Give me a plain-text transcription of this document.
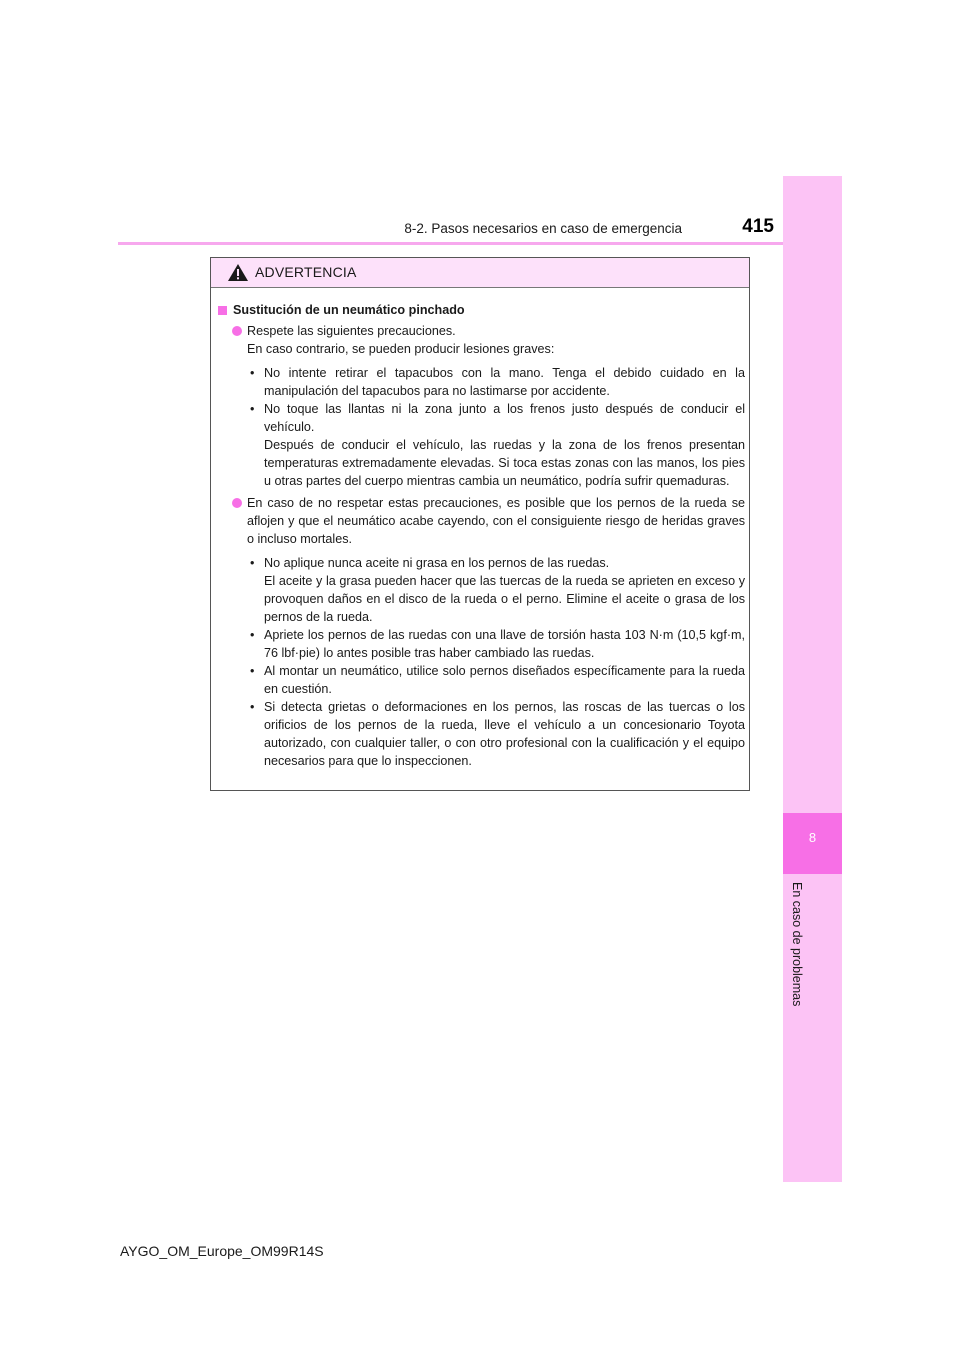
8-2. Pasos necesarios en caso de emergencia	415
8
En caso de problemas
ADVERTENCIA
Sustitución de un neumático pinchado
Respete las siguientes precauciones.
En caso contrario, se pueden producir lesiones graves:
• No intente retirar el tapacubos con la mano. Tenga el debido cuidado en la manipulación del tapacubos para no lastimarse por accidente.
• No toque las llantas ni la zona junto a los frenos justo después de conducir el vehículo.
Después de conducir el vehículo, las ruedas y la zona de los frenos presentan temperaturas extremadamente elevadas. Si toca estas zonas con las manos, los pies u otras partes del cuerpo mientras cambia un neumático, podría sufrir quemaduras.
En caso de no respetar estas precauciones, es posible que los pernos de la rueda se aflojen y que el neumático acabe cayendo, con el consiguiente riesgo de heridas graves o incluso mortales.
• No aplique nunca aceite ni grasa en los pernos de las ruedas.
El aceite y la grasa pueden hacer que las tuercas de la rueda se aprieten en exceso y provoquen daños en el disco de la rueda o el perno. Elimine el aceite o grasa de los pernos de la rueda.
• Apriete los pernos de las ruedas con una llave de torsión hasta 103 N·m (10,5 kgf·m, 76 lbf·pie) lo antes posible tras haber cambiado las ruedas.
• Al montar un neumático, utilice solo pernos diseñados específicamente para la rueda en cuestión.
• Si detecta grietas o deformaciones en los pernos, las roscas de las tuercas o los orificios de los pernos de la rueda, lleve el vehículo a un concesionario Toyota autorizado, con cualquier taller, o con otro profesional con la cualificación y el equipo necesarios para que lo inspeccionen.
AYGO_OM_Europe_OM99R14S
